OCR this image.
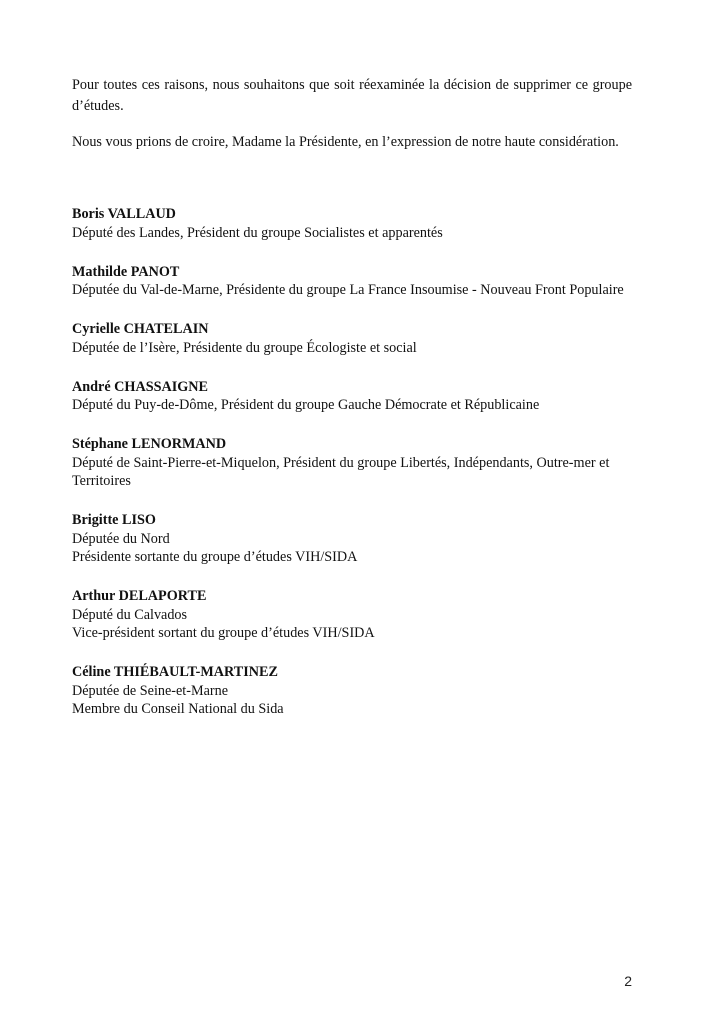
Pour toutes ces raisons, nous souhaitons que soit réexaminée la décision de supprimer ce groupe d’études.

Nous vous prions de croire, Madame la Présidente, en l’expression de notre haute considération.

Boris VALLAUD
Député des Landes, Président du groupe Socialistes et apparentés
Mathilde PANOT
Députée du Val-de-Marne, Présidente du groupe La France Insoumise - Nouveau Front Populaire
Cyrielle CHATELAIN
Députée de l’Isère, Présidente du groupe Écologiste et social
André CHASSAIGNE
Député du Puy-de-Dôme, Président du groupe Gauche Démocrate et Républicaine
Stéphane LENORMAND
Député de Saint-Pierre-et-Miquelon, Président du groupe Libertés, Indépendants, Outre-mer et Territoires
Brigitte LISO
Députée du Nord
Présidente sortante du groupe d’études VIH/SIDA
Arthur DELAPORTE
Député du Calvados
Vice-président sortant du groupe d’études VIH/SIDA
Céline THIÉBAULT-MARTINEZ
Députée de Seine-et-Marne
Membre du Conseil National du Sida
2
